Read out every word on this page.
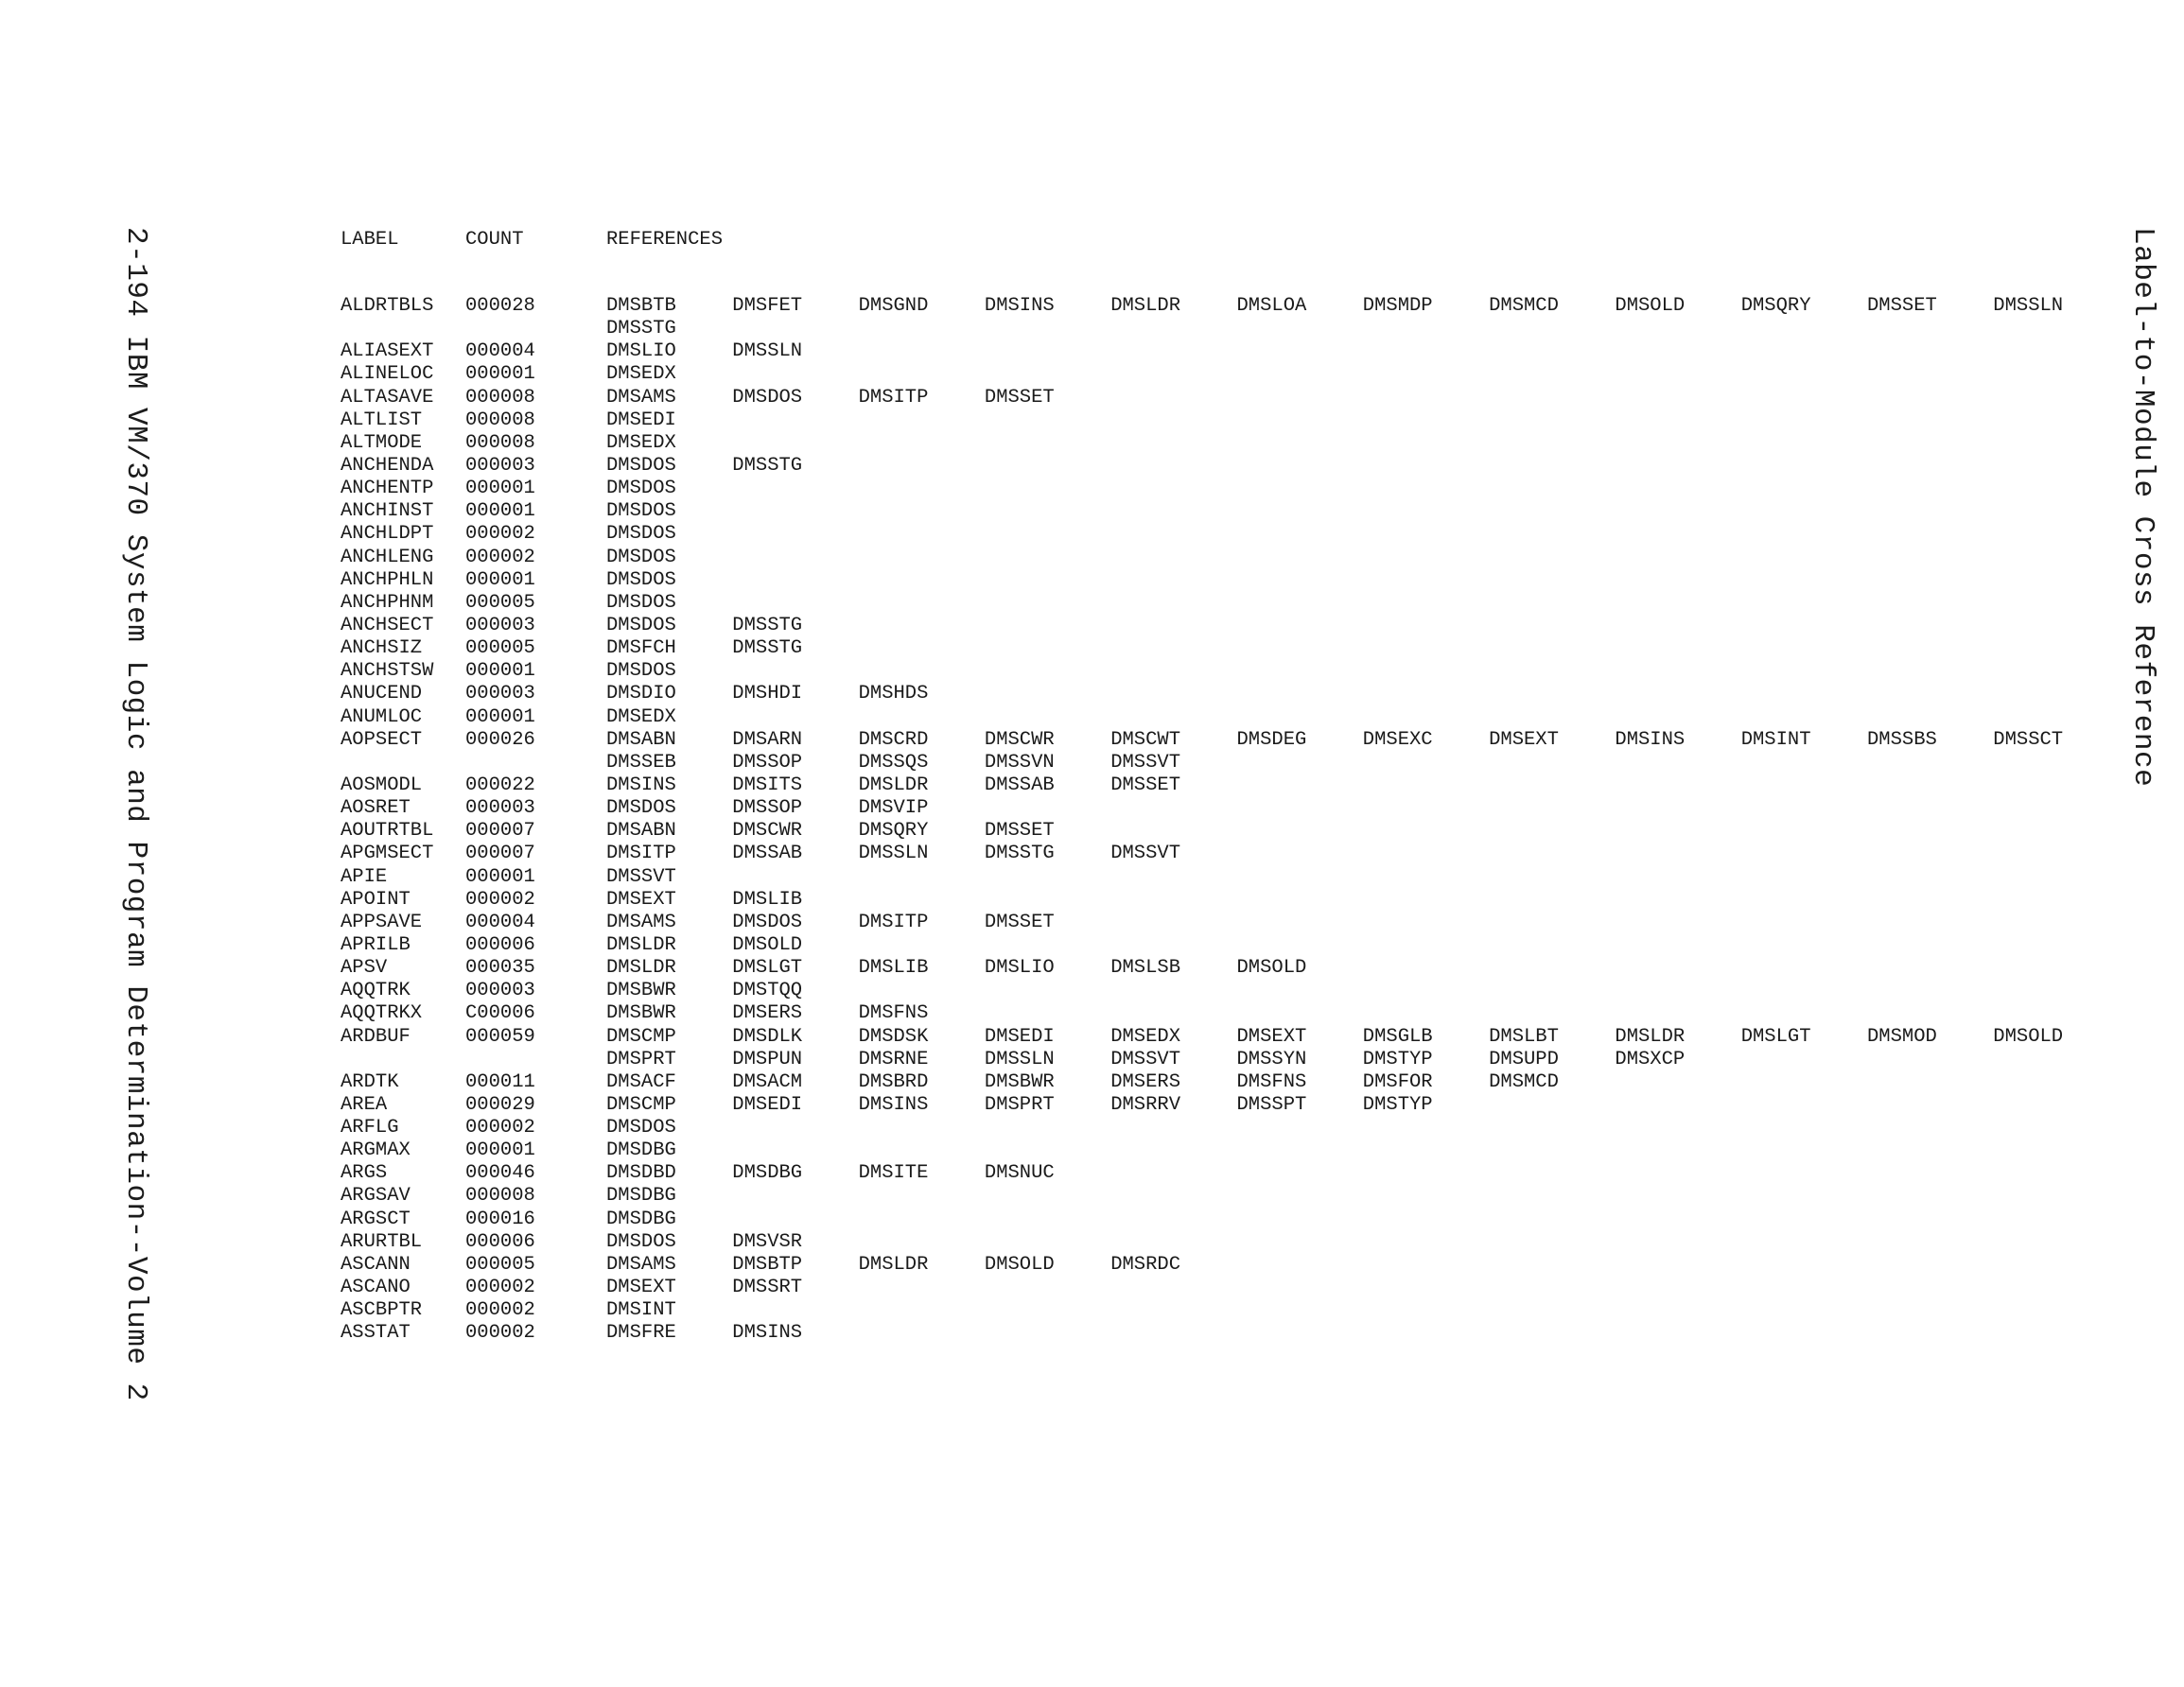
2-194 IBM VM/370 System Logic and Program Determination--Volume 2	Label-to-Module Cross Reference
LABEL	COUNT	REFERENCES
ALDRTBLS 000028	DMSBTB	DMSFET	DMSGND	DMSINS	DMSLDR	DMSLOA	DMSMDP	DMSMCD	DMSOLD	DMSQRY	DMSSET	DMSSLN
DMSSTG
ALIASEXT 000004	DMSLIO	DMSSLN
ALINELOC 000001	DMSEDX
ALTASAVE 000008	DMSAMS	DMSDOS	DMSITP	DMSSET
ALTLIST 000008	DMSEDI
ALTMODE 000008	DMSEDX
ANCHENDA 000003	DMSDOS	DMSSTG
ANCHENTP 000001	DMSDOS
ANCHINST 000001	DMSDOS
ANCHLDPT 000002	DMSDOS
ANCHLENG 000002	DMSDOS
ANCHPHLN 000001	DMSDOS
ANCHPHNM 000005	DMSDOS
ANCHSECT 000003	DMSDOS	DMSSTG
ANCHSIZ 000005	DMSFCH	DMSSTG
ANCHSTSW 000001	DMSDOS
ANUCEND 000003	DMSDIO	DMSHDI	DMSHDS
ANUMLOC 000001	DMSEDX
AOPSECT 000026	DMSABN	DMSARN	DMSCRD	DMSCWR	DMSCWT	DMSDEG	DMSEXC	DMSEXT	DMSINS	DMSINT	DMSSBS	DMSSCT
DMSSEB	DMSSOP	DMSSQS	DMSSVN	DMSSVT
AOSMODL 000022	DMSINS	DMSITS	DMSLDR	DMSSAB	DMSSET
AOSRET	000003	DMSDOS	DMSSOP	DMSVIP
AOUTRTBL 000007	DMSABN	DMSCWR	DMSQRY	DMSSET
APGMSECT 000007	DMSITP	DMSSAB	DMSSLN	DMSSTG	DMSSVT
APIE	000001	DMSSVT
APOINT	000002	DMSEXT	DMSLIB
APPSAVE 000004	DMSAMS	DMSDOS	DMSITP	DMSSET
APRILB	000006	DMSLDR	DMSOLD
APSV	000035	DMSLDR	DMSLGT	DMSLIB	DMSLIO	DMSLSB	DMSOLD
AQQTRK	000003	DMSBWR	DMSTQQ
AQQTRKX C00006	DMSBWR	DMSERS	DMSFNS
ARDBUF	000059	DMSCMP	DMSDLK	DMSDSK	DMSEDI	DMSEDX	DMSEXT	DMSGLB	DMSLBT	DMSLDR	DMSLGT	DMSMOD	DMSOLD
DMSPRT	DMSPUN	DMSRNE	DMSSLN	DMSSVT	DMSSYN	DMSTYP	DMSUPD	DMSXCP
ARDTK	000011	DMSACF	DMSACM	DMSBRD	DMSBWR	DMSERS	DMSFNS	DMSFOR	DMSMCD
AREA	000029	DMSCMP	DMSEDI	DMSINS	DMSPRT	DMSRRV	DMSSPT	DMSTYP
ARFLG	000002	DMSDOS
ARGMAX	000001	DMSDBG
ARGS	000046	DMSDBD	DMSDBG	DMSITE	DMSNUC
ARGSAV	000008	DMSDBG
ARGSCT	000016	DMSDBG
ARURTBL 000006	DMSDOS	DMSVSR
ASCANN	000005	DMSAMS	DMSBTP	DMSLDR	DMSOLD	DMSRDC
ASCANO	000002	DMSEXT	DMSSRT
ASCBPTR 000002	DMSINT
ASSTAT	000002	DMSFRE	DMSINS
